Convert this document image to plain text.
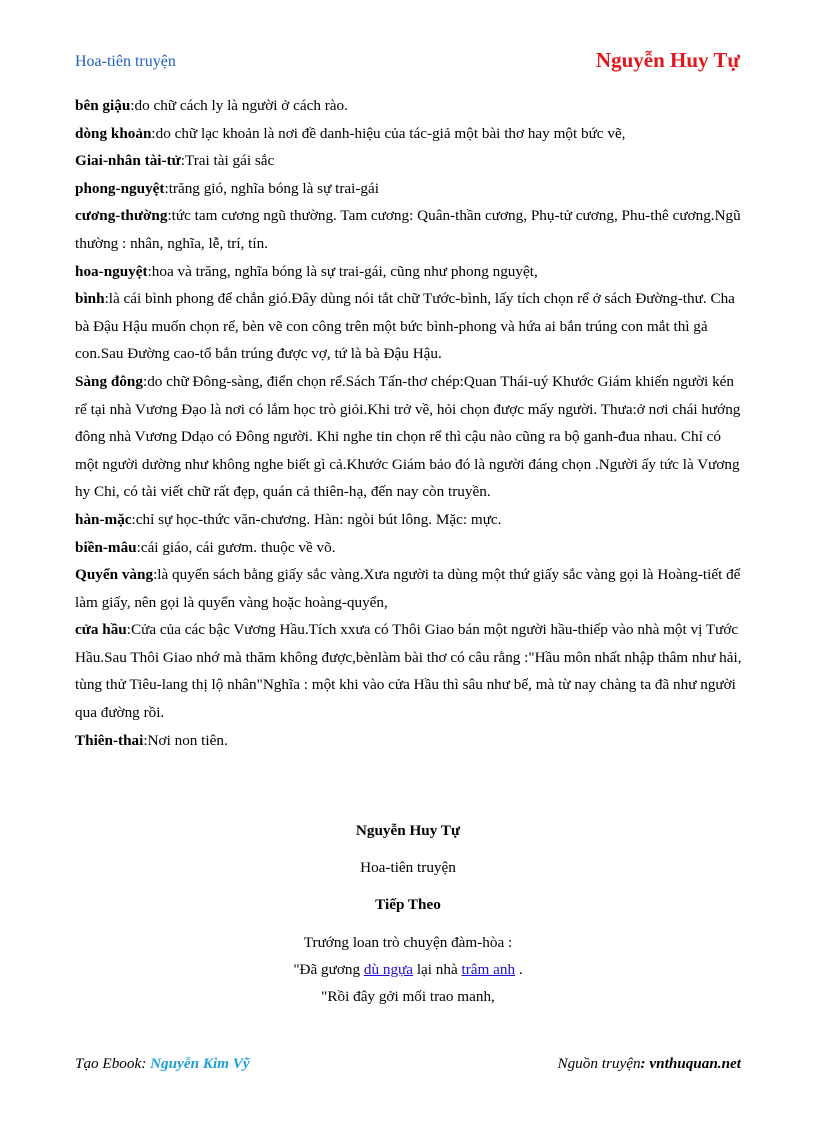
Hoa-tiên truyện	Nguyễn Huy Tự

bên giậu:do chữ cách ly là người ở cách rào.

dòng khoản:do chữ lạc khoản là nơi đề danh-hiệu của tác-giả một bài thơ hay một bức vẽ,

Giai-nhân tài-tử:Trai tài gái sắc

phong-nguyệt:trăng gió, nghĩa bóng là sự trai-gái

cương-thường:tức tam cương ngũ thường. Tam cương: Quân-thần cương, Phụ-tử cương, Phu-thê cương.Ngũ thường : nhân, nghĩa, lễ, trí, tín.

hoa-nguyệt:hoa và trăng, nghĩa bóng là sự trai-gái, cũng như phong nguyệt,

bình:là cái bình phong để chắn gió.Đây dùng nói tắt chữ Tước-bình, lấy tích chọn rể ở sách Đường-thư. Cha bà Đậu Hậu muốn chọn rể, bèn vẽ con công trên một bức bình-phong và hứa ai bắn trúng con mắt thì gả con.Sau Đường cao-tổ bắn trúng được vợ, tứ là bà Đậu Hậu.

Sàng đông:do chữ Đông-sàng, điển chọn rể.Sách Tấn-thơ chép:Quan Thái-uý Khước Giám khiến người kén rể tại nhà Vương Đạo là nơi có lắm học trò giỏi.Khi trở về, hỏi chọn được mấy người. Thưa:ở nơi chái hướng đông nhà Vương Ddạo có Đông người. Khi nghe tin chọn rể thì cậu nào cũng ra bộ ganh-đua nhau. Chỉ có một người dường như không nghe biết gì cả.Khước Giám bảo đó là người đáng chọn .Người ấy tức là Vương hy Chi, có tài viết chữ rất đẹp, quán cả thiên-hạ, đến nay còn truyền.

hàn-mặc:chỉ sự học-thức văn-chương. Hàn: ngòi bút lông. Mặc: mực.

biền-mâu:cái giáo, cái gươm. thuộc về võ.

Quyển vàng:là quyển sách bằng giấy sắc vàng.Xưa người ta dùng một thứ giấy sắc vàng gọi là Hoàng-tiết để làm giấy, nên gọi là quyển vàng hoặc hoàng-quyển,

cửa hầu:Cửa của các bậc Vương Hầu.Tích xxưa có Thôi Giao bán một người hầu-thiếp vào nhà một vị Tước Hầu.Sau Thôi Giao nhớ mà thăm không được,bènlàm bài thơ có câu rằng :"Hầu môn nhất nhập thâm như hải, tùng thử Tiêu-lang thị lộ nhân"Nghĩa : một khi vào cửa Hầu thì sâu như bể, mà từ nay chàng ta đã như người qua đường rồi.

Thiên-thai:Nơi non tiên.

Nguyễn Huy Tự
Hoa-tiên truyện
Tiếp Theo
Trướng loan trò chuyện đàm-hòa :
"Đã gương dù ngựa lại nhà trâm anh .
"Rồi đây gởi mối trao manh,
Tạo Ebook: Nguyễn Kim Vỹ	Nguồn truyện: vnthuquan.net
